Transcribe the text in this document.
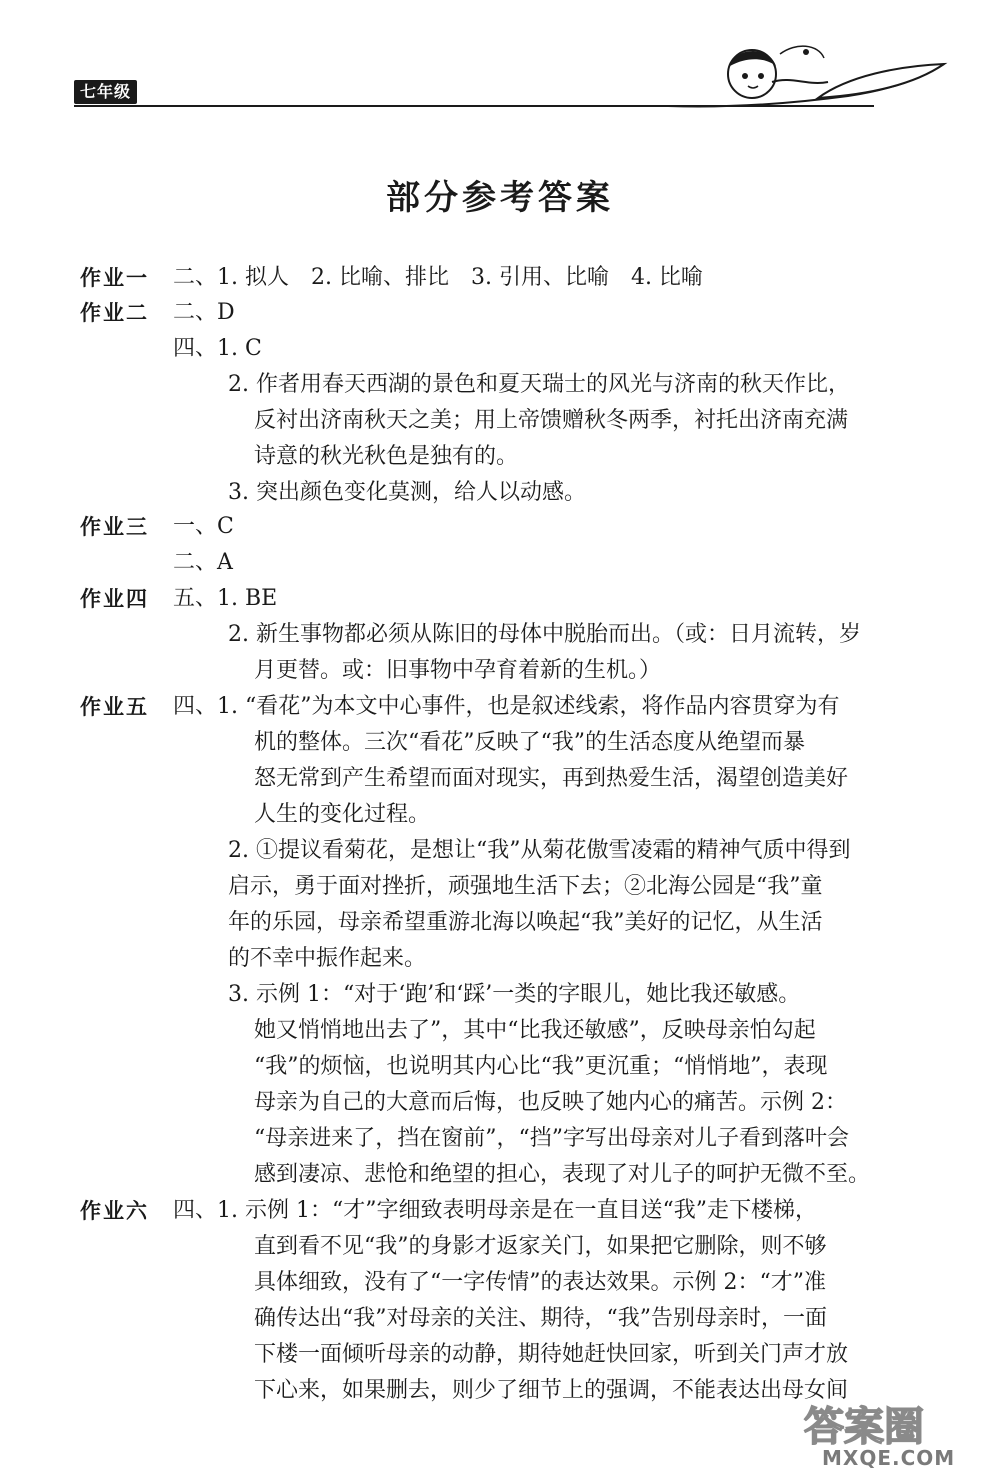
七年级
部分参考答案
作业一 二、1. 拟人　2. 比喻、排比　3. 引用、比喻　4. 比喻
作业二 二、D
四、1. C
2. 作者用春天西湖的景色和夏天瑞士的风光与济南的秋天作比，
反衬出济南秋天之美；用上帝馈赠秋冬两季，衬托出济南充满
诗意的秋光秋色是独有的。
3. 突出颜色变化莫测，给人以动感。
作业三 一、C
二、A
作业四 五、1. BE
2. 新生事物都必须从陈旧的母体中脱胎而出。（或：日月流转，岁
月更替。或：旧事物中孕育着新的生机。）
作业五 四、1. “看花”为本文中心事件，也是叙述线索，将作品内容贯穿为有
机的整体。三次“看花”反映了“我”的生活态度从绝望而暴
怒无常到产生希望而面对现实，再到热爱生活，渴望创造美好
人生的变化过程。
2. ①提议看菊花，是想让“我”从菊花傲雪凌霜的精神气质中得到
启示，勇于面对挫折，顽强地生活下去；②北海公园是“我”童
年的乐园，母亲希望重游北海以唤起“我”美好的记忆，从生活
的不幸中振作起来。
3. 示例 1：“对于‘跑’和‘踩’一类的字眼儿，她比我还敏感。
她又悄悄地出去了”，其中“比我还敏感”，反映母亲怕勾起
“我”的烦恼，也说明其内心比“我”更沉重；“悄悄地”，表现
母亲为自己的大意而后悔，也反映了她内心的痛苦。示例 2：
“母亲进来了，挡在窗前”，“挡”字写出母亲对儿子看到落叶会
感到凄凉、悲怆和绝望的担心，表现了对儿子的呵护无微不至。
作业六 四、1. 示例 1：“才”字细致表明母亲是在一直目送“我”走下楼梯，
直到看不见“我”的身影才返家关门，如果把它删除，则不够
具体细致，没有了“一字传情”的表达效果。示例 2：“才”准
确传达出“我”对母亲的关注、期待，“我”告别母亲时，一面
下楼一面倾听母亲的动静，期待她赶快回家，听到关门声才放
下心来，如果删去，则少了细节上的强调，不能表达出母女间
答案圈
MXQE.COM
